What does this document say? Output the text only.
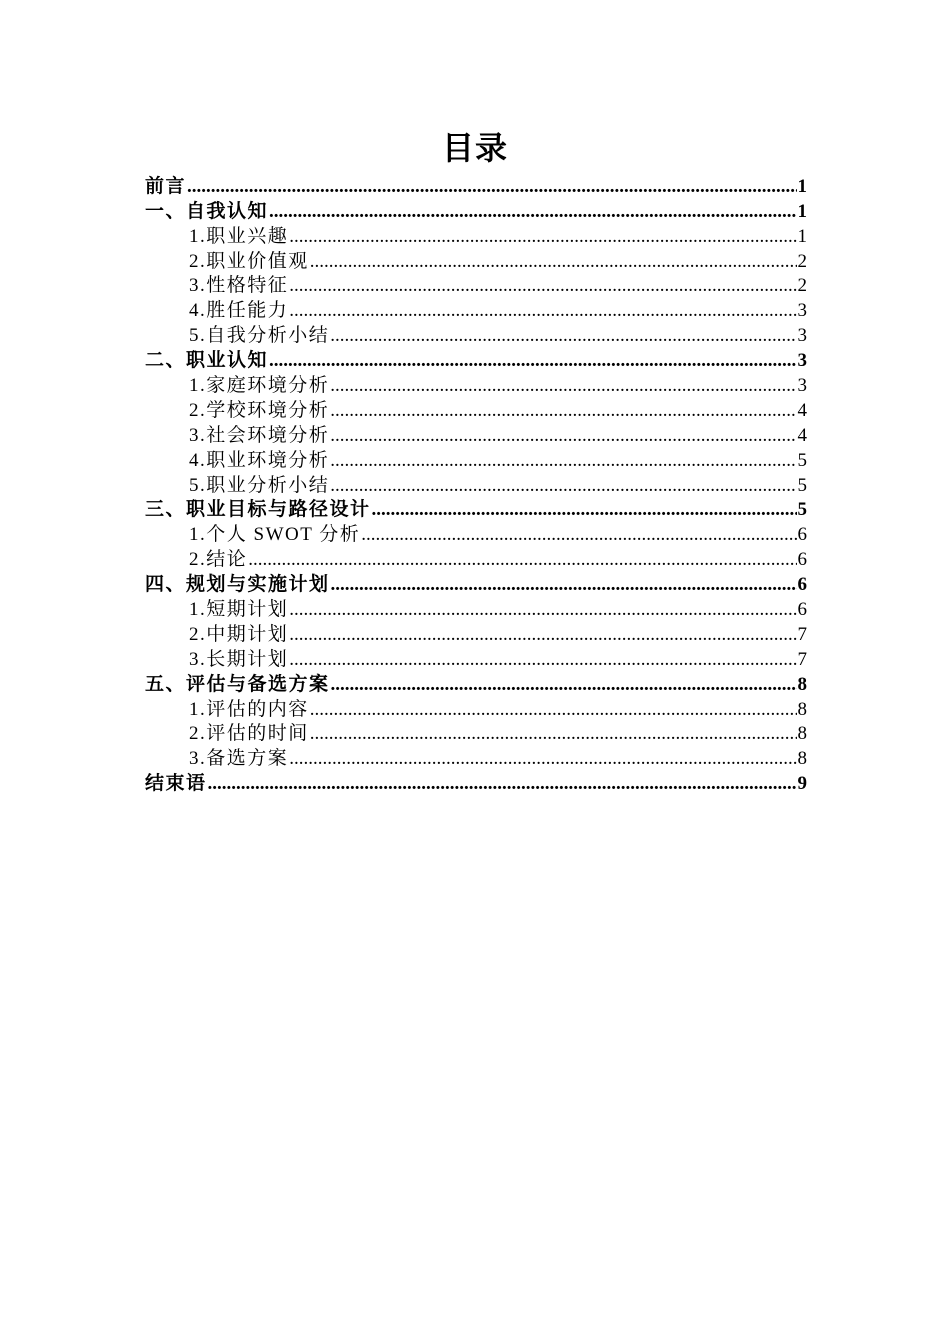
目录
前言 .....	1
一、自我认知 .....	1
1.职业兴趣 .....	1
2.职业价值观 .....	2
3.性格特征 .....	2
4.胜任能力 .....	3
5.自我分析小结 .....	3
二、职业认知 .....	3
1.家庭环境分析 .....	3
2.学校环境分析 .....	4
3.社会环境分析 .....	4
4.职业环境分析 .....	5
5.职业分析小结 .....	5
三、职业目标与路径设计 .....	5
1.个人 SWOT 分析 .....	6
2.结论 .....	6
四、规划与实施计划 .....	6
1.短期计划 .....	6
2.中期计划 .....	7
3.长期计划 .....	7
五、评估与备选方案 .....	8
1.评估的内容 .....	8
2.评估的时间 .....	8
3.备选方案 .....	8
结束语 .....	9
